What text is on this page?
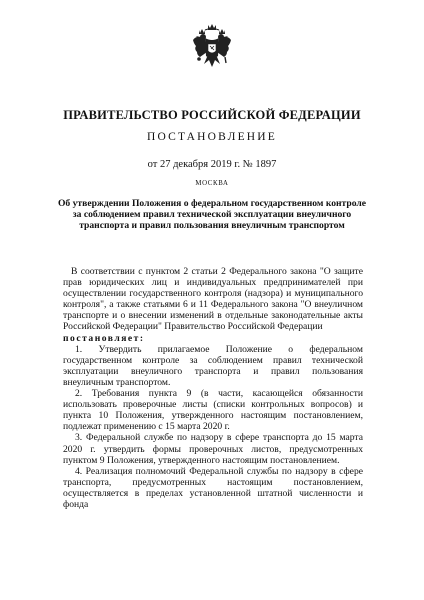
ПРАВИТЕЛЬСТВО РОССИЙСКОЙ ФЕДЕРАЦИИ
ПОСТАНОВЛЕНИЕ
от 27 декабря 2019 г. № 1897
МОСКВА
Об утверждении Положения о федеральном государственном контроле за соблюдением правил технической эксплуатации внеуличного транспорта и правил пользования внеуличным транспортом

В соответствии с пунктом 2 статьи 2 Федерального закона "О защите прав юридических лиц и индивидуальных предпринимателей при осуществлении государственного контроля (надзора) и муниципального контроля", а также статьями 6 и 11 Федерального закона "О внеуличном транспорте и о внесении изменений в отдельные законодательные акты Российской Федерации" Правительство Российской Федерации

постановляет:

1. Утвердить прилагаемое Положение о федеральном государственном контроле за соблюдением правил технической эксплуатации внеуличного транспорта и правил пользования внеуличным транспортом.

2. Требования пункта 9 (в части, касающейся обязанности использовать проверочные листы (списки контрольных вопросов) и пункта 10 Положения, утвержденного настоящим постановлением, подлежат применению с 15 марта 2020 г.

3. Федеральной службе по надзору в сфере транспорта до 15 марта 2020 г. утвердить формы проверочных листов, предусмотренных пунктом 9 Положения, утвержденного настоящим постановлением.

4. Реализация полномочий Федеральной службы по надзору в сфере транспорта, предусмотренных настоящим постановлением, осуществляется в пределах установленной штатной численности и фонда
